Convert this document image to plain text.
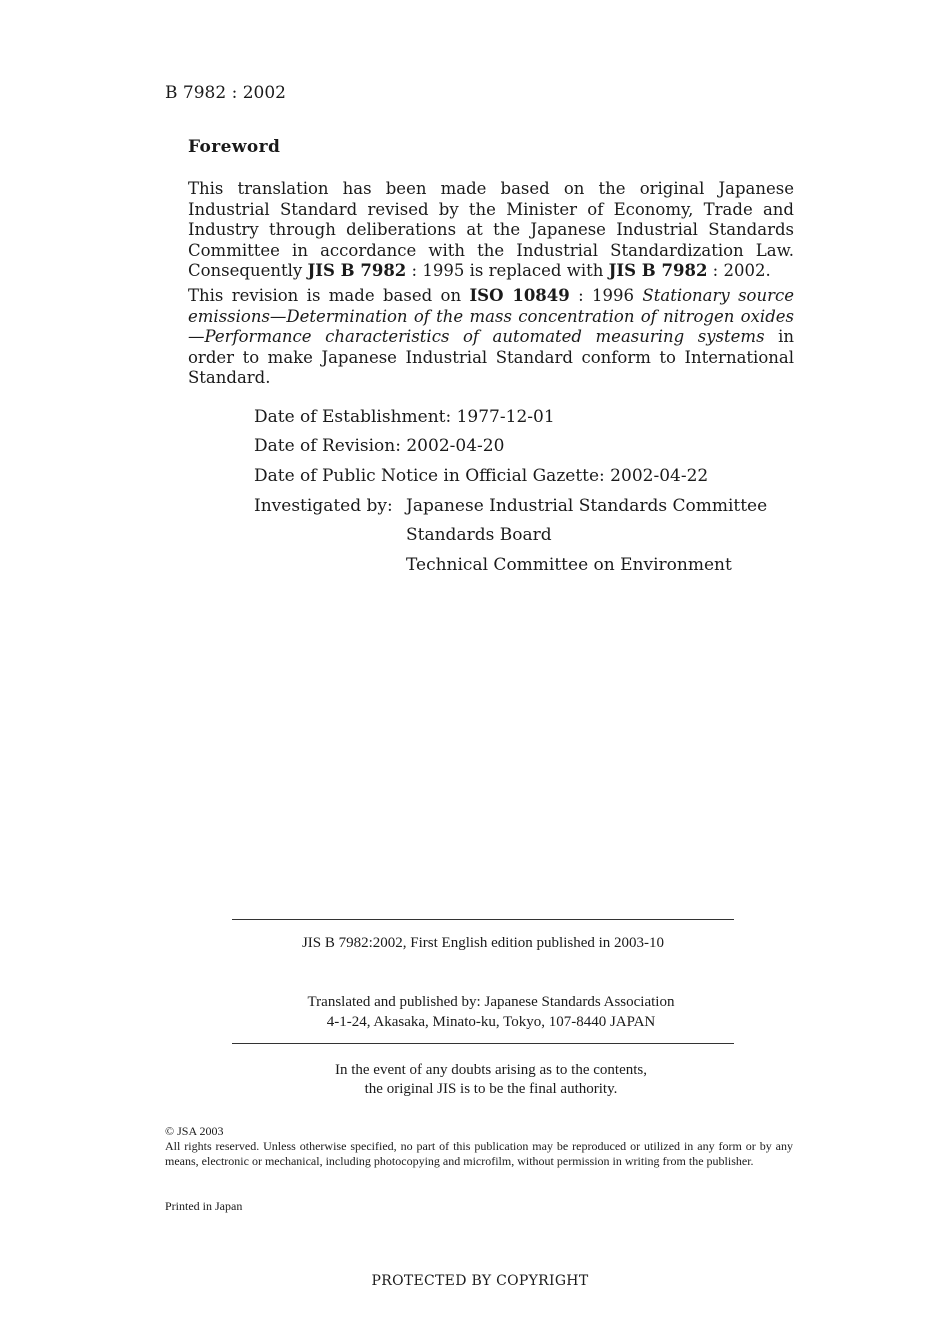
B 7982 : 2002
Foreword
This translation has been made based on the original Japanese Industrial Standard revised by the Minister of Economy, Trade and Industry through deliberations at the Japanese Industrial Standards Committee in accordance with the Industrial Standardization Law. Consequently JIS B 7982 : 1995 is replaced with JIS B 7982 : 2002.
This revision is made based on ISO 10849 : 1996 Stationary source emissions—Determination of the mass concentration of nitrogen oxides—Performance characteristics of automated measuring systems in order to make Japanese Industrial Standard conform to International Standard.
Date of Establishment: 1977-12-01
Date of Revision: 2002-04-20
Date of Public Notice in Official Gazette: 2002-04-22
Investigated by: Japanese Industrial Standards Committee
Standards Board
Technical Committee on Environment
JIS B 7982:2002, First English edition published in 2003-10
Translated and published by: Japanese Standards Association
4-1-24, Akasaka, Minato-ku, Tokyo, 107-8440 JAPAN
In the event of any doubts arising as to the contents,
the original JIS is to be the final authority.
© JSA 2003
All rights reserved. Unless otherwise specified, no part of this publication may be reproduced or utilized in any form or by any means, electronic or mechanical, including photocopying and microfilm, without permission in writing from the publisher.
Printed in Japan
PROTECTED BY COPYRIGHT
